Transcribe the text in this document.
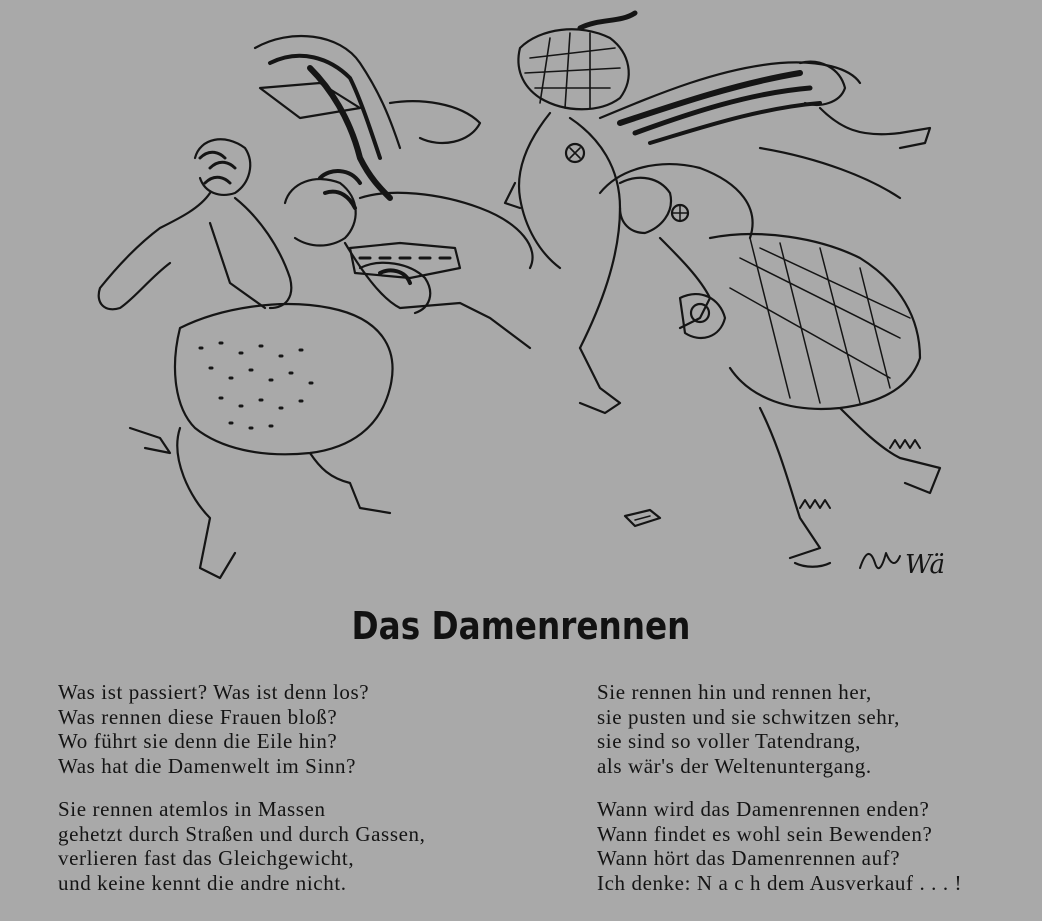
Wä
Das Damenrennen
Was ist passiert? Was ist denn los?
Was rennen diese Frauen bloß?
Wo führt sie denn die Eile hin?
Was hat die Damenwelt im Sinn?
Sie rennen atemlos in Massen
gehetzt durch Straßen und durch Gassen,
verlieren fast das Gleichgewicht,
und keine kennt die andre nicht.
Sie rennen hin und rennen her,
sie pusten und sie schwitzen sehr,
sie sind so voller Tatendrang,
als wär's der Weltenuntergang.
Wann wird das Damenrennen enden?
Wann findet es wohl sein Bewenden?
Wann hört das Damenrennen auf?
Ich denke: N a c h dem Ausverkauf . . . !
